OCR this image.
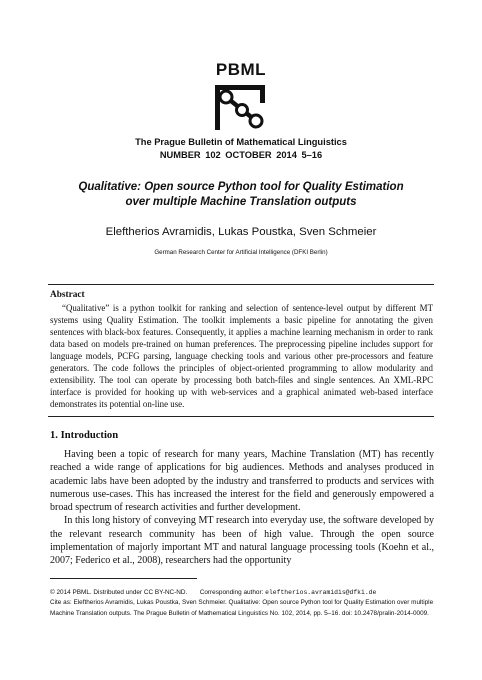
PBML
The Prague Bulletin of Mathematical Linguistics
NUMBER 102 OCTOBER 2014 5–16
Qualitative: Open source Python tool for Quality Estimation
over multiple Machine Translation outputs
Eleftherios Avramidis, Lukas Poustka, Sven Schmeier
German Research Center for Artificial Intelligence (DFKI Berlin)
Abstract

“Qualitative” is a python toolkit for ranking and selection of sentence-level output by different MT systems using Quality Estimation. The toolkit implements a basic pipeline for annotating the given sentences with black-box features. Consequently, it applies a machine learning mechanism in order to rank data based on models pre-trained on human preferences. The preprocessing pipeline includes support for language models, PCFG parsing, language checking tools and various other pre-processors and feature generators. The code follows the principles of object-oriented programming to allow modularity and extensibility. The tool can operate by processing both batch-files and single sentences. An XML-RPC interface is provided for hooking up with web-services and a graphical animated web-based interface demonstrates its potential on-line use.

1. Introduction

Having been a topic of research for many years, Machine Translation (MT) has recently reached a wide range of applications for big audiences. Methods and analyses produced in academic labs have been adopted by the industry and transferred to products and services with numerous use-cases. This has increased the interest for the field and generously empowered a broad spectrum of research activities and further development.

In this long history of conveying MT research into everyday use, the software developed by the relevant research community has been of high value. Through the open source implementation of majorly important MT and natural language processing tools (Koehn et al., 2007; Federico et al., 2008), researchers had the opportunity

© 2014 PBML. Distributed under CC BY-NC-ND. Corresponding author: eleftherios.avramidis@dfki.de
Cite as: Eleftherios Avramidis, Lukas Poustka, Sven Schmeier. Qualitative: Open source Python tool for Quality Estimation over multiple Machine Translation outputs. The Prague Bulletin of Mathematical Linguistics No. 102, 2014, pp. 5–16. doi: 10.2478/pralin-2014-0009.
